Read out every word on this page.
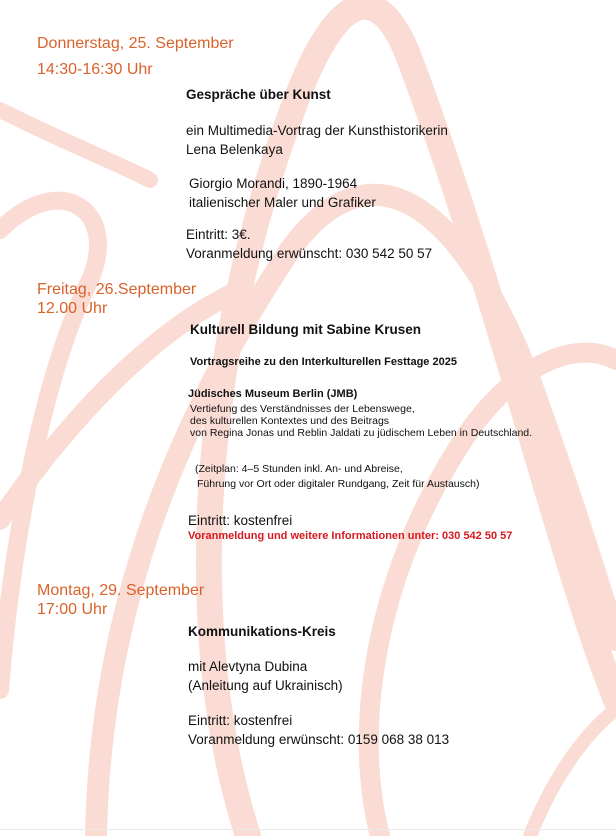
Donnerstag, 25. September
14:30-16:30 Uhr
Gespräche über Kunst
ein Multimedia-Vortrag der Kunsthistorikerin
Lena Belenkaya
Giorgio Morandi, 1890-1964
italienischer Maler und Grafiker
Eintritt: 3€.
Voranmeldung erwünscht: 030 542 50 57
Freitag, 26.September
12.00 Uhr
Kulturell Bildung mit Sabine Krusen
Vortragsreihe zu den Interkulturellen Festtage 2025
Jüdisches Museum Berlin (JMB)
Vertiefung des Verständnisses der Lebenswege,
des kulturellen Kontextes und des Beitrags
von Regina Jonas und Reblin Jaldati zu jüdischem Leben in Deutschland.
(Zeitplan: 4–5 Stunden inkl. An- und Abreise,
Führung vor Ort oder digitaler Rundgang, Zeit für Austausch)
Eintritt: kostenfrei
Voranmeldung und weitere Informationen unter: 030 542 50 57
Montag, 29. September
17:00 Uhr
Kommunikations-Kreis
mit Alevtyna Dubina
(Anleitung auf Ukrainisch)
Eintritt: kostenfrei
Voranmeldung erwünscht: 0159 068 38 013
